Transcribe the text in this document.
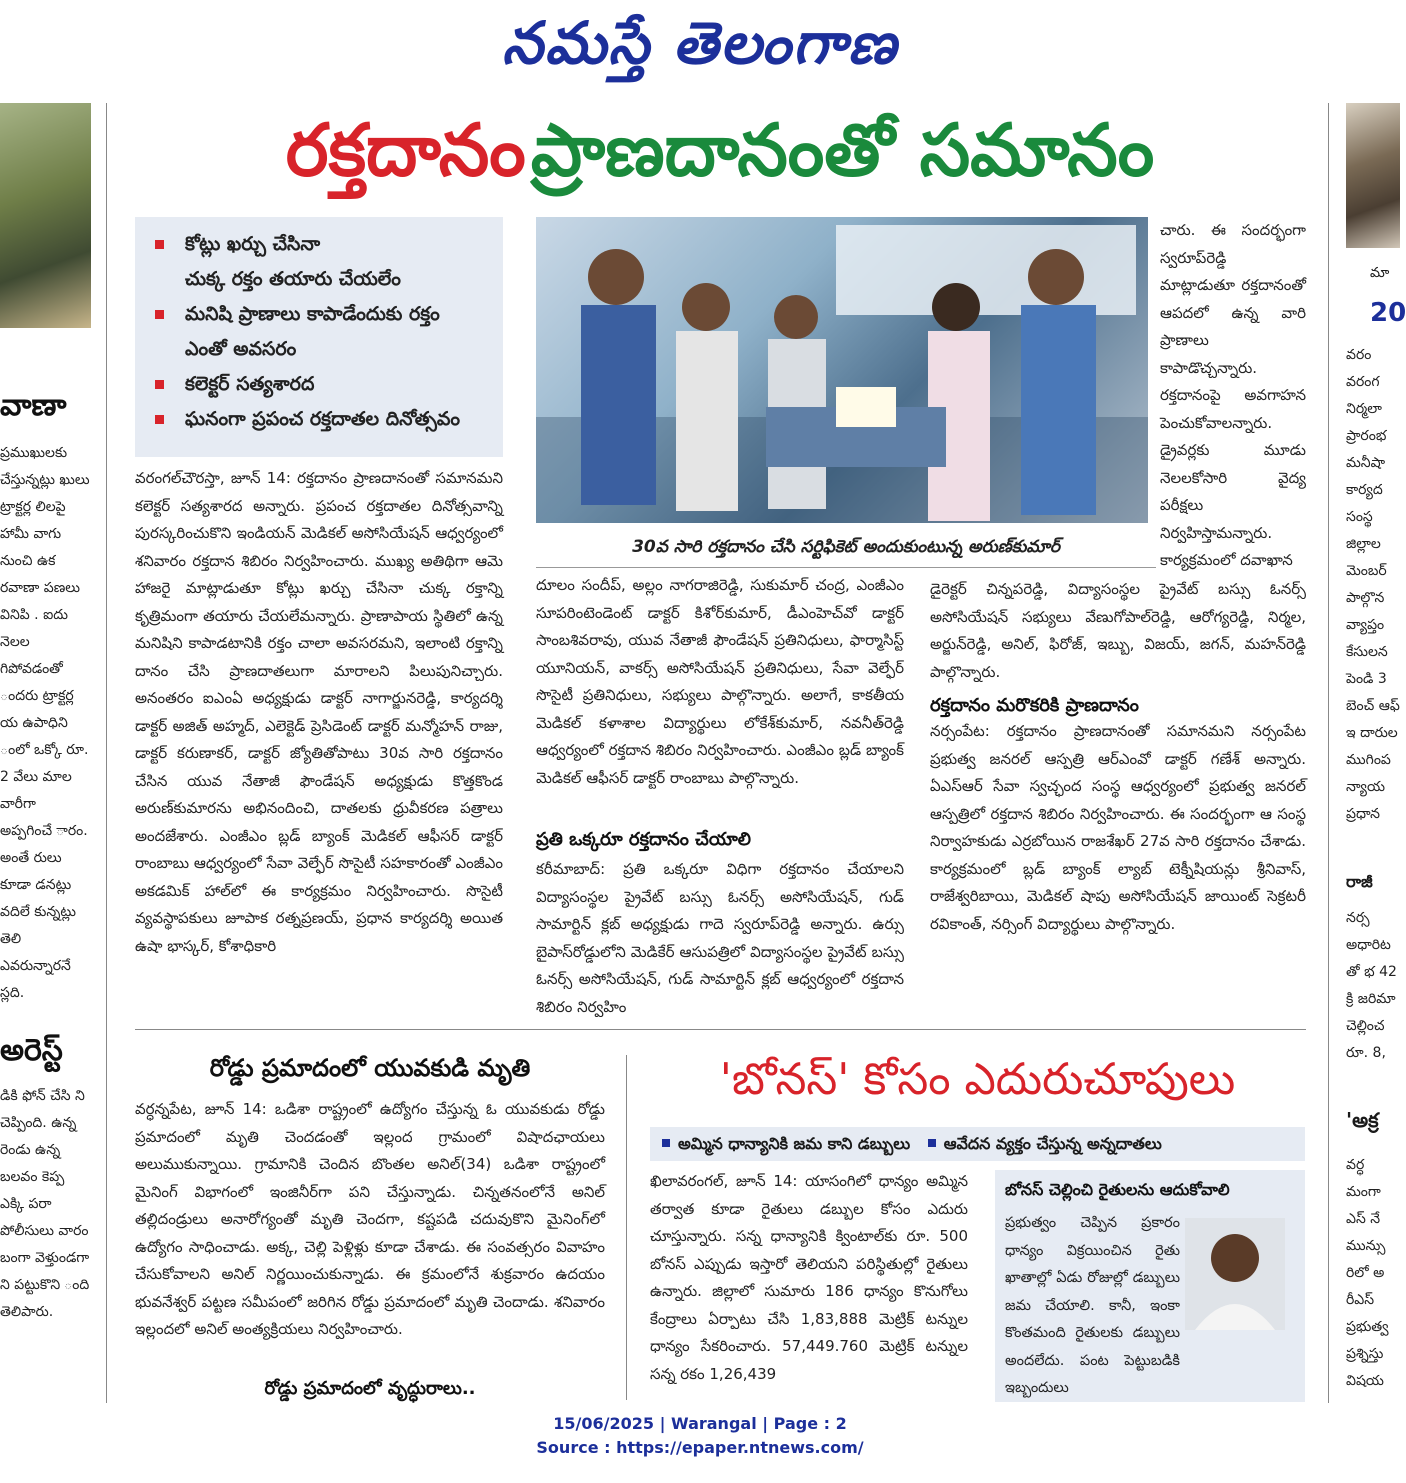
నమస్తే తెలంగాణ
వాణా
ప్రముఖులకు చేస్తున్నట్లు ఖులు ట్రాక్టర్ల లిలపై హామీ వాగు నుంచి ఉక రవాణా పణలు వినిపి . ఐదు నెలల గిపోవడంతో ందరు ట్రాక్టర్ల య ఉపాధిని ంలో ఒక్కో రూ. 2 వేలు మాల వారీగా అప్పగించే ారం. అంతే రులు కూడా డనట్లు వదిలే కున్నట్లు తెలి ఎవరున్నారనే స్లది.
అరెస్ట్
డికి ఫోన్ చేసి ని చెప్పింది. ఉన్న రెండు ఉన్న బలవం కెప్ప ఎక్కి పరా పోలీసులు వారం బంగా వెళ్తుండగా ని పట్టుకొని ంది తెలిపారు.
మా
20
వరం వరంగ నిర్మలా ప్రారంభ మనీషా కార్యద సంస్థ జిల్లాల మెంబర్ పాల్గొన వ్యాప్తం కేసులన పెండి 3 బెంచ్ ఆఫ్ ఇ దారుల ముగింప న్యాయ ప్రధాన
రాజీ
నర్స అధారిట తో భ 42 క్రి జరిమా చెల్లించ రూ. 8,
'అక్ర
వర్ధ మంగా ఎస్ నే మున్సు రిలో అ రీఎస్ ప్రభుత్వ ప్రశ్నిస్తు విషయ
రక్తదానం ప్రాణదానంతో సమానం
కోట్లు ఖర్చు చేసినా
చుక్క రక్తం తయారు చేయలేం
మనిషి ప్రాణాలు కాపాడేందుకు రక్తం
ఎంతో అవసరం
కలెక్టర్ సత్యశారద
ఘనంగా ప్రపంచ రక్తదాతల దినోత్సవం
30వ సారి రక్తదానం చేసి సర్టిఫికెట్ అందుకుంటున్న అరుణ్‌కుమార్
వరంగల్‌చౌరస్తా, జూన్ 14: రక్తదానం ప్రాణదానంతో సమానమని కలెక్టర్ సత్యశారద అన్నారు. ప్రపంచ రక్తదాతల దినోత్సవాన్ని పురస్కరించుకొని ఇండియన్ మెడికల్ అసోసియేషన్ ఆధ్వర్యంలో శనివారం రక్తదాన శిబిరం నిర్వహించారు. ముఖ్య అతిథిగా ఆమె హాజరై మాట్లాడుతూ కోట్లు ఖర్చు చేసినా చుక్క రక్తాన్ని కృత్రిమంగా తయారు చేయలేమన్నారు. ప్రాణాపాయ స్థితిలో ఉన్న మనిషిని కాపాడటానికి రక్తం చాలా అవసరమని, ఇలాంటి రక్తాన్ని దానం చేసి ప్రాణదాతలుగా మారాలని పిలుపునిచ్చారు. అనంతరం ఐఎంఏ అధ్యక్షుడు డాక్టర్ నాగార్జునరెడ్డి, కార్యదర్శి డాక్టర్ అజిత్ అహ్మద్, ఎలెక్టెడ్ ప్రెసిడెంట్ డాక్టర్ మన్మోహన్ రాజు, డాక్టర్ కరుణాకర్, డాక్టర్ జ్యోతితోపాటు 30వ సారి రక్తదానం చేసిన యువ నేతాజీ ఫౌండేషన్ అధ్యక్షుడు కొత్తకొండ అరుణ్‌కుమారను అభినందించి, దాతలకు ధ్రువీకరణ పత్రాలు అందజేశారు. ఎంజీఎం బ్లడ్ బ్యాంక్ మెడికల్ ఆఫీసర్ డాక్టర్ రాంబాబు ఆధ్వర్యంలో సేవా వెల్ఫేర్ సొసైటీ సహకారంతో ఎంజీఎం అకడమిక్ హాల్‌లో ఈ కార్యక్రమం నిర్వహించారు. సొసైటీ వ్యవస్థాపకులు జూపాక రత్నప్రణయ్, ప్రధాన కార్యదర్శి అయిత ఉషా భాస్కర్, కోశాధికారి
దూలం సందీప్, అల్లం నాగరాజిరెడ్డి, సుకుమార్ చంద్ర, ఎంజీఎం సూపరింటెండెంట్ డాక్టర్ కిశోర్‌కుమార్, డీఎంహెచ్‌వో డాక్టర్ సాంబశివరావు, యువ నేతాజీ ఫౌండేషన్ ప్రతినిధులు, ఫార్మాసిస్ట్ యూనియన్, వాకర్స్ అసోసియేషన్ ప్రతినిధులు, సేవా వెల్ఫేర్ సొసైటీ ప్రతినిధులు, సభ్యులు పాల్గొన్నారు. అలాగే, కాకతీయ మెడికల్ కళాశాల విద్యార్థులు లోకేశ్‌కుమార్, నవనీత్‌రెడ్డి ఆధ్వర్యంలో రక్తదాన శిబిరం నిర్వహించారు. ఎంజీఎం బ్లడ్ బ్యాంక్ మెడికల్ ఆఫీసర్ డాక్టర్ రాంబాబు పాల్గొన్నారు.
ప్రతి ఒక్కరూ రక్తదానం చేయాలి
కరీమాబాద్: ప్రతి ఒక్కరూ విధిగా రక్తదానం చేయాలని విద్యాసంస్థల ప్రైవేట్ బస్సు ఓనర్స్ అసోసియేషన్, గుడ్ సామార్టిన్ క్లబ్ అధ్యక్షుడు గాదె స్వరూప్‌రెడ్డి అన్నారు. ఉర్సు బైపాస్‌రోడ్డులోని మెడికేర్ ఆసుపత్రిలో విద్యాసంస్థల ప్రైవేట్ బస్సు ఓనర్స్ అసోసియేషన్, గుడ్ సామార్టిన్ క్లబ్ ఆధ్వర్యంలో రక్తదాన శిబిరం నిర్వహిం
చారు. ఈ సందర్భంగా స్వరూప్‌రెడ్డి మాట్లాడుతూ రక్తదానంతో ఆపదలో ఉన్న వారి ప్రాణాలు కాపాడొచ్చన్నారు. రక్తదానంపై అవగాహన పెంచుకోవాలన్నారు. డ్రైవర్లకు మూడు నెలలకోసారి వైద్య పరీక్షలు నిర్వహిస్తామన్నారు. కార్యక్రమంలో దవాఖాన
డైరెక్టర్ చిన్నపరెడ్డి, విద్యాసంస్థల ప్రైవేట్ బస్సు ఓనర్స్ అసోసియేషన్ సభ్యులు వేణుగోపాల్‌రెడ్డి, ఆరోగ్యరెడ్డి, నిర్మల, అర్జున్‌రెడ్డి, అనిల్, ఫిరోజ్, ఇబ్బు, విజయ్, జగన్, మహన్‌రెడ్డి పాల్గొన్నారు.
రక్తదానం మరొకరికి ప్రాణదానం
నర్సంపేట: రక్తదానం ప్రాణదానంతో సమానమని నర్సంపేట ప్రభుత్వ జనరల్ ఆస్పత్రి ఆర్‌ఎంవో డాక్టర్ గణేశ్ అన్నారు. ఏఎస్‌ఆర్ సేవా స్వచ్ఛంద సంస్థ ఆధ్వర్యంలో ప్రభుత్వ జనరల్ ఆస్పత్రిలో రక్తదాన శిబిరం నిర్వహించారు. ఈ సందర్భంగా ఆ సంస్థ నిర్వాహకుడు ఎర్రబోయిన రాజశేఖర్ 27వ సారి రక్తదానం చేశాడు. కార్యక్రమంలో బ్లడ్ బ్యాంక్ ల్యాబ్ టెక్నీషియన్లు శ్రీనివాస్, రాజేశ్వరిబాయి, మెడికల్ షాపు అసోసియేషన్ జాయింట్ సెక్రటరీ రవికాంత్, నర్సింగ్ విద్యార్థులు పాల్గొన్నారు.
రోడ్డు ప్రమాదంలో యువకుడి మృతి
వర్ధన్నపేట, జూన్ 14: ఒడిశా రాష్ట్రంలో ఉద్యోగం చేస్తున్న ఓ యువకుడు రోడ్డు ప్రమాదంలో మృతి చెందడంతో ఇల్లంద గ్రామంలో విషాదఛాయలు అలుముకున్నాయి. గ్రామానికి చెందిన బొంతల అనిల్(34) ఒడిశా రాష్ట్రంలో మైనింగ్ విభాగంలో ఇంజినీర్‌గా పని చేస్తున్నాడు. చిన్నతనంలోనే అనిల్ తల్లిదండ్రులు అనారోగ్యంతో మృతి చెందగా, కష్టపడి చదువుకొని మైనింగ్‌లో ఉద్యోగం సాధించాడు. అక్క, చెల్లి పెళ్లిళ్లు కూడా చేశాడు. ఈ సంవత్సరం వివాహం చేసుకోవాలని అనిల్ నిర్ణయించుకున్నాడు. ఈ క్రమంలోనే శుక్రవారం ఉదయం భువనేశ్వర్ పట్టణ సమీపంలో జరిగిన రోడ్డు ప్రమాదంలో మృతి చెందాడు. శనివారం ఇల్లందలో అనిల్ అంత్యక్రియలు నిర్వహించారు.
రోడ్డు ప్రమాదంలో వృద్ధురాలు..
'బోనస్' కోసం ఎదురుచూపులు
అమ్మిన ధాన్యానికి జమ కాని డబ్బులు ఆవేదన వ్యక్తం చేస్తున్న అన్నదాతలు
ఖిలావరంగల్, జూన్ 14: యాసంగిలో ధాన్యం అమ్మిన తర్వాత కూడా రైతులు డబ్బుల కోసం ఎదురు చూస్తున్నారు. సన్న ధాన్యానికి క్వింటాల్‌కు రూ. 500 బోనస్ ఎప్పుడు ఇస్తారో తెలియని పరిస్థితుల్లో రైతులు ఉన్నారు. జిల్లాలో సుమారు 186 ధాన్యం కొనుగోలు కేంద్రాలు ఏర్పాటు చేసి 1,83,888 మెట్రిక్ టన్నుల ధాన్యం సేకరించారు. 57,449.760 మెట్రిక్ టన్నుల సన్న రకం 1,26,439
బోనస్ చెల్లించి రైతులను ఆదుకోవాలి
ప్రభుత్వం చెప్పిన ప్రకారం ధాన్యం విక్రయించిన రైతు ఖాతాల్లో ఏడు రోజుల్లో డబ్బులు జమ చేయాలి. కానీ, ఇంకా కొంతమంది రైతులకు డబ్బులు అందలేదు. పంట పెట్టుబడికి ఇబ్బందులు
15/06/2025 | Warangal | Page : 2
Source : https://epaper.ntnews.com/
